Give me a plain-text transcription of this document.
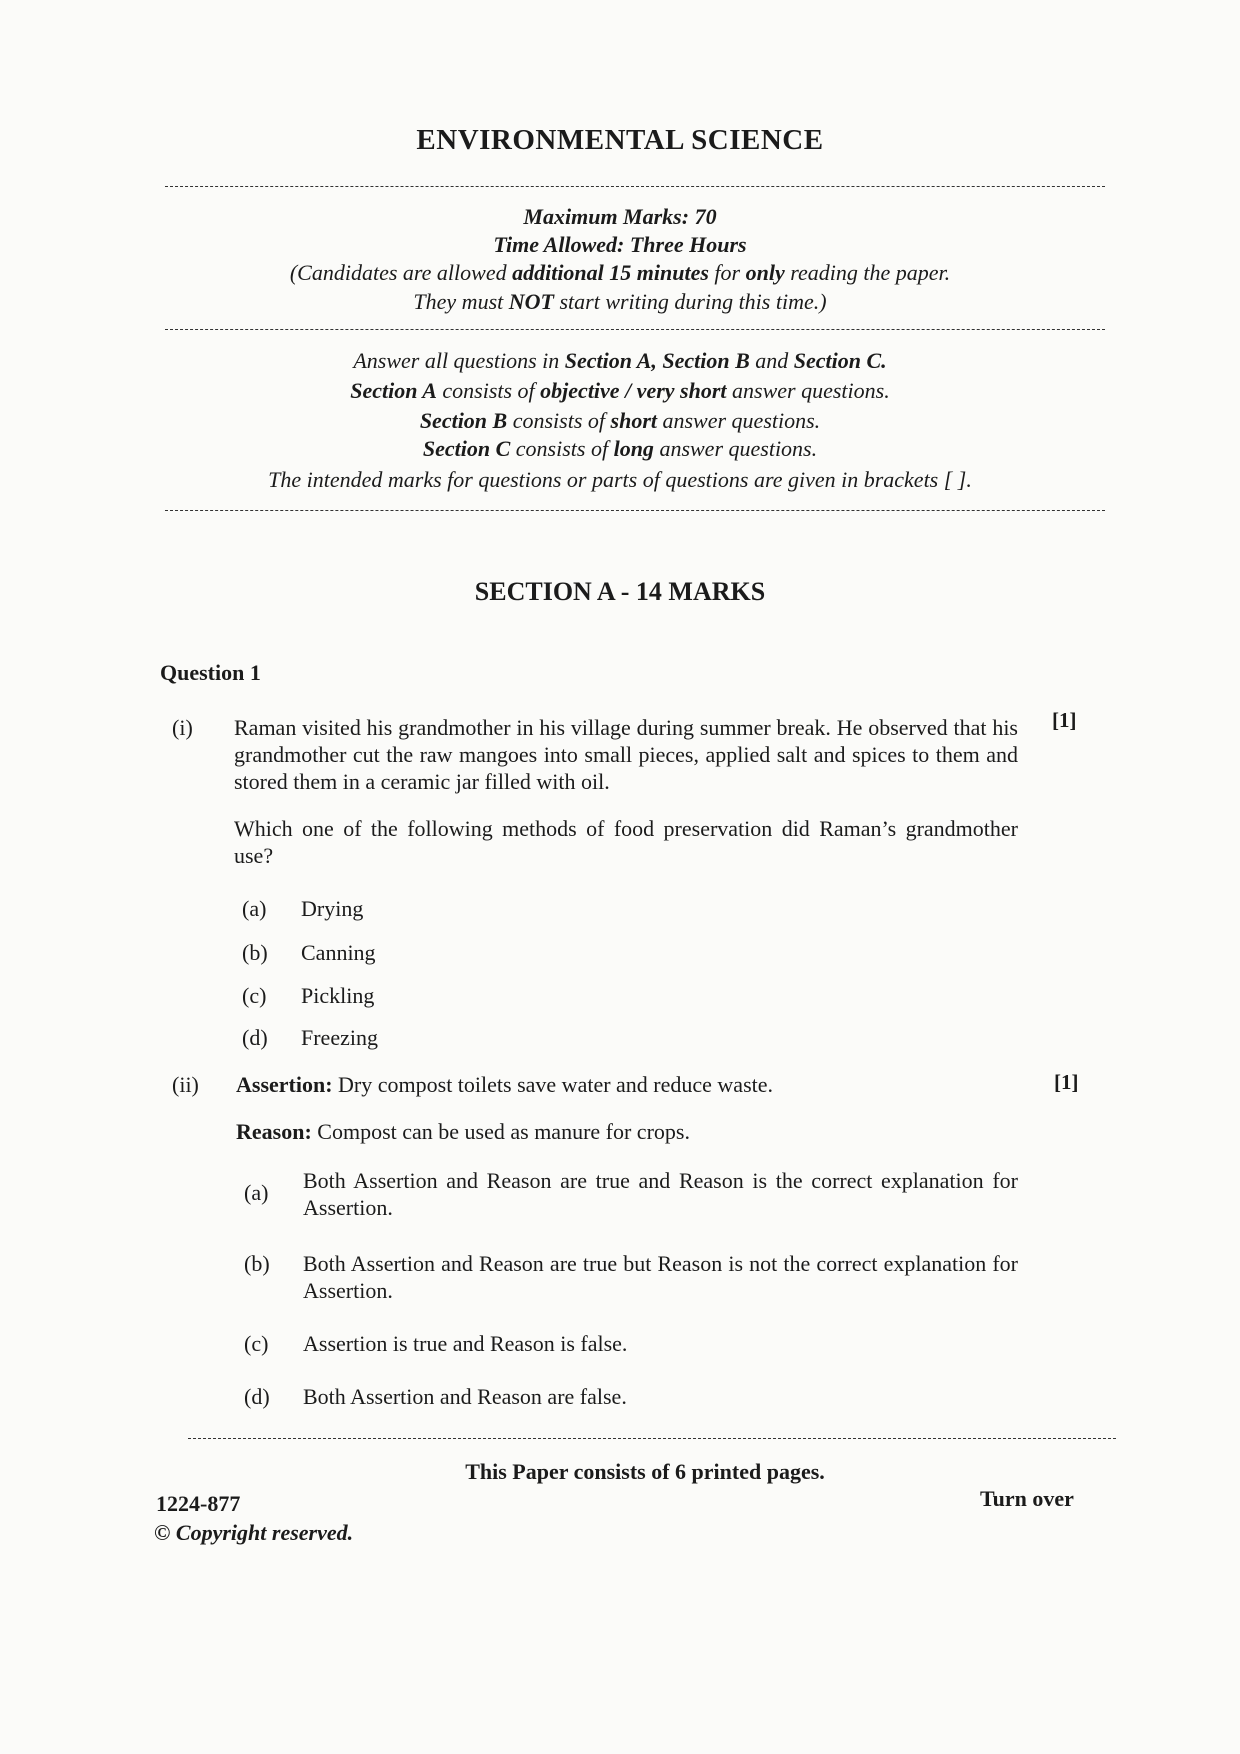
ENVIRONMENTAL SCIENCE
Maximum Marks: 70
Time Allowed: Three Hours
(Candidates are allowed additional 15 minutes for only reading the paper.
They must NOT start writing during this time.)
Answer all questions in Section A, Section B and Section C.
Section A consists of objective / very short answer questions.
Section B consists of short answer questions.
Section C consists of long answer questions.
The intended marks for questions or parts of questions are given in brackets [ ].
SECTION A - 14 MARKS
Question 1
(i) Raman visited his grandmother in his village during summer break. He observed that his grandmother cut the raw mangoes into small pieces, applied salt and spices to them and stored them in a ceramic jar filled with oil.
[1]
Which one of the following methods of food preservation did Raman’s grandmother use?
(a) Drying
(b) Canning
(c) Pickling
(d) Freezing
(ii) Assertion: Dry compost toilets save water and reduce waste.	[1]
Reason: Compost can be used as manure for crops.
(a) Both Assertion and Reason are true and Reason is the correct explanation for Assertion.
(b) Both Assertion and Reason are true but Reason is not the correct explanation for Assertion.
(c) Assertion is true and Reason is false.
(d) Both Assertion and Reason are false.
This Paper consists of 6 printed pages.
1224-877	Turn over
© Copyright reserved.
